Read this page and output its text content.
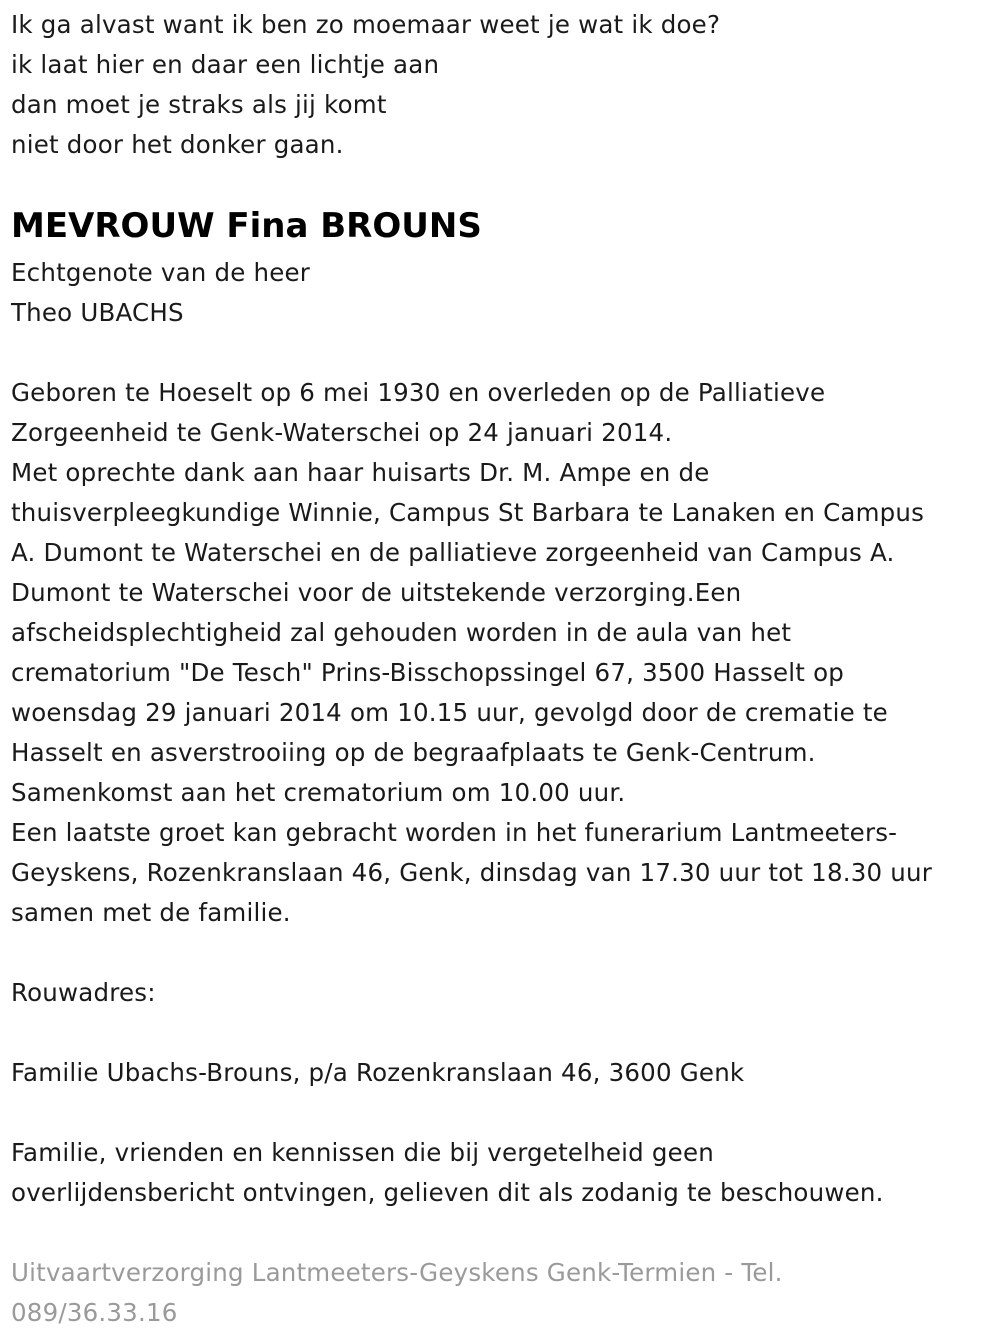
Ik ga alvast want ik ben zo moemaar weet je wat ik doe?
ik laat hier en daar een lichtje aan
dan moet je straks als jij komt
niet door het donker gaan.
MEVROUW Fina BROUNS
Echtgenote van de heer
Theo UBACHS
Geboren te Hoeselt op 6 mei 1930 en overleden op de Palliatieve
Zorgeenheid te Genk-Waterschei op 24 januari 2014.
Met oprechte dank aan haar huisarts Dr. M. Ampe en de
thuisverpleegkundige Winnie, Campus St Barbara te Lanaken en Campus
A. Dumont te Waterschei en de palliatieve zorgeenheid van Campus A.
Dumont te Waterschei voor de uitstekende verzorging.Een
afscheidsplechtigheid zal gehouden worden in de aula van het
crematorium "De Tesch" Prins-Bisschopssingel 67, 3500 Hasselt op
woensdag 29 januari 2014 om 10.15 uur, gevolgd door de crematie te
Hasselt en asverstrooiing op de begraafplaats te Genk-Centrum.
Samenkomst aan het crematorium om 10.00 uur.
Een laatste groet kan gebracht worden in het funerarium Lantmeeters-
Geyskens, Rozenkranslaan 46, Genk, dinsdag van 17.30 uur tot 18.30 uur
samen met de familie.
Rouwadres:
Familie Ubachs-Brouns, p/a Rozenkranslaan 46, 3600 Genk
Familie, vrienden en kennissen die bij vergetelheid geen
overlijdensbericht ontvingen, gelieven dit als zodanig te beschouwen.
Uitvaartverzorging Lantmeeters-Geyskens Genk-Termien - Tel.
089/36.33.16
